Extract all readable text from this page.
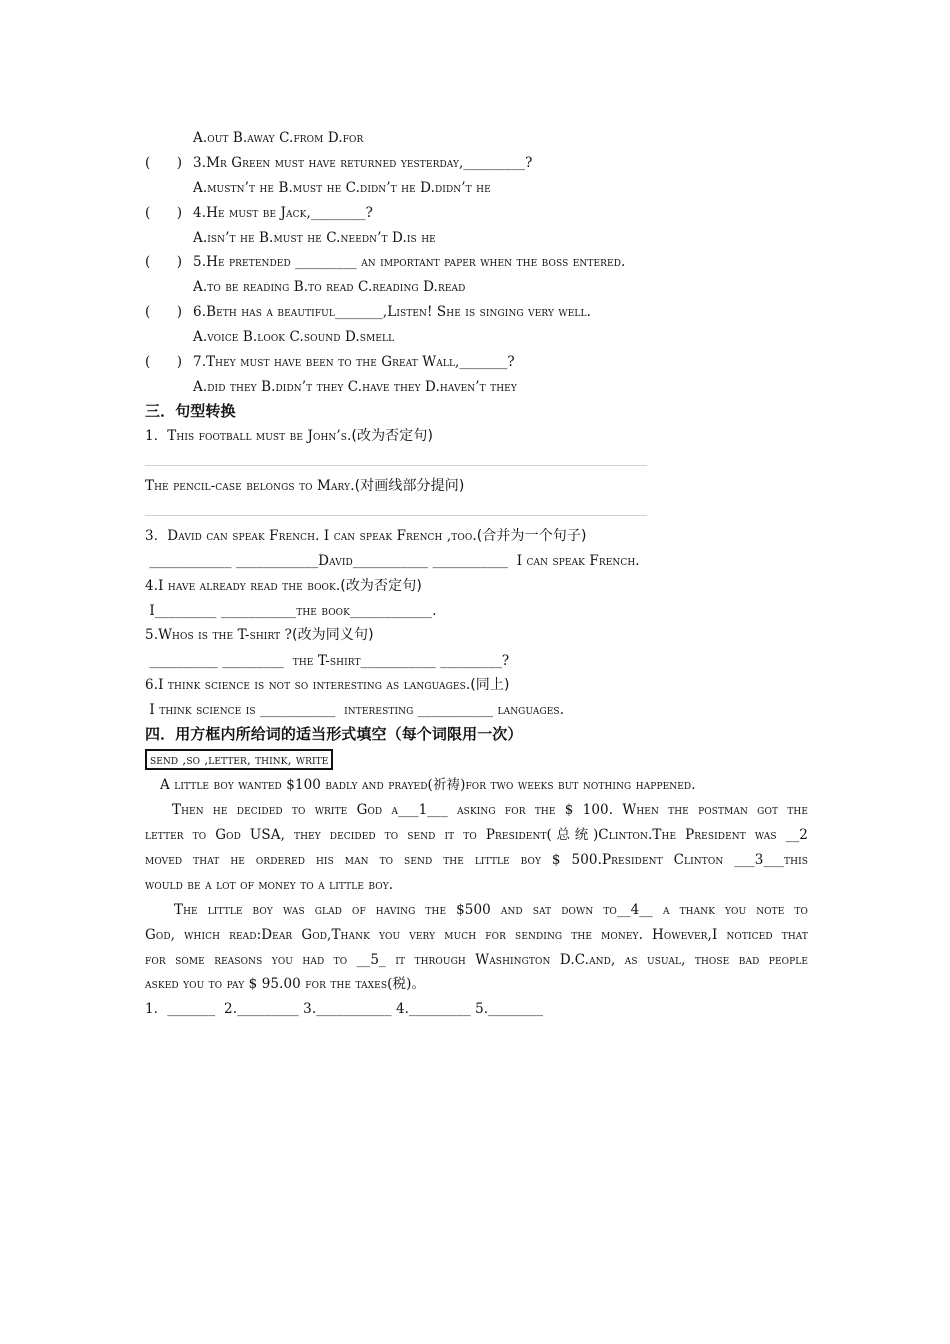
A.out B.away C.from D.for
(      ) 3.Mr Green must have returned yesterday,_________?
A.mustn’t he B.must he C.didn’t he D.didn’t he
(      ) 4.He must be Jack,________?
A.isn’t he B.must he C.needn’t D.is he
(      ) 5.He pretended _________ an important paper when the boss entered.
A.to be reading B.to read C.reading D.read
(      ) 6.Beth has a beautiful_______,Listen! She is singing very well.
A.voice B.look C.sound D.smell
(      ) 7.They must have been to the Great Wall,_______?
A.did they B.didn’t they C.have they D.haven’t they
三．句型转换
1．This football must be John’s.(改为否定句)
The pencil-case belongs to Mary.(对画线部分提问)
3．David can speak French. I can speak French ,too.(合并为一个句子)
____________ ____________David___________ ___________  I can speak French.
4.I have already read the book.(改为否定句)
I_________ ___________the book____________.
5.Whos is the T-shirt ?(改为同义句)
__________ _________  the T-shirt___________ _________?
6.I think science is not so interesting as languages.(同上)
I think science is ___________  interesting ___________ languages.
四．用方框内所给词的适当形式填空（每个词限用一次）
send ,so ,letter, think, write
A little boy wanted $100 badly and prayed(祈祷)for two weeks but nothing happened.
Then he decided to write God a___1___ asking for the $ 100. When the postman got the
letter to God USA, they decided to send it to President(总统)Clinton.The President was __2
moved that he ordered his man to send the little boy $ 500.President Clinton ___3___this
would be a lot of money to a little boy.
The little boy was glad of having the $500 and sat down to__4__ a thank you note to
God, which read:Dear God,Thank you very much for sending the money. However,I noticed that
for some reasons you had to __5_ it through Washington D.C.and, as usual, those bad people
asked you to pay $ 95.00 for the taxes(税)。
1．_______  2._________ 3.___________ 4._________ 5.________
